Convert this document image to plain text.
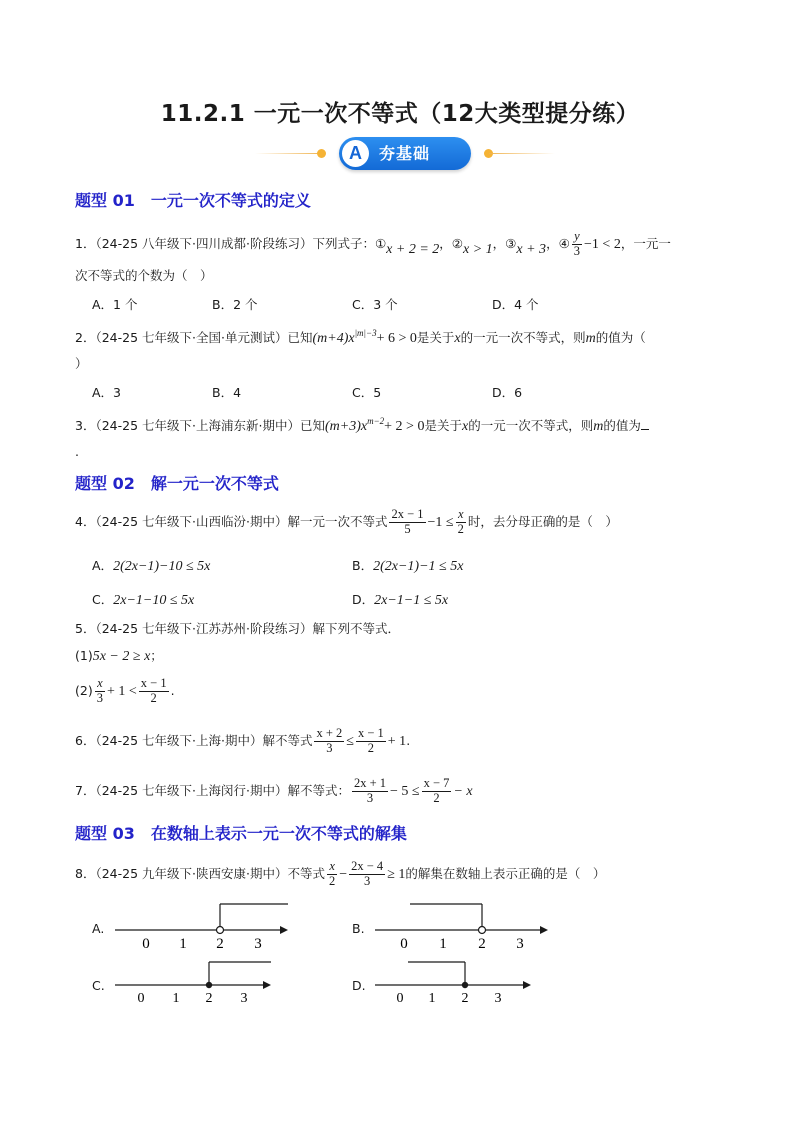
11.2.1 一元一次不等式（12大类型提分练）
A	夯基础
题型 01 一元一次不等式的定义
1．（24-25 八年级下·四川成都·阶段练习）下列式子：①x + 2 = 2，②x > 1，③x + 3，④ $\frac{y}{3} -1 < 2$，一元一
次不等式的个数为（　）
A．1 个	B．2 个	C．3 个	D．4 个
2．（24-25 七年级下·全国·单元测试）已知$(m+4)x^{|m|-3}+ 6 > 0$是关于x的一元一次不等式，则m的值为（
）
A．3	B．4	C．5	D．6
3．（24-25 七年级下·上海浦东新·期中）已知$(m+3)x^{m-2}+ 2 > 0$是关于x的一元一次不等式，则m的值为
.
题型 02 解一元一次不等式
4．（24-25 七年级下·山西临汾·期中）解一元一次不等式 $\frac{2x - 1}{5} -1 \le \frac{x}{2}$ 时，去分母正确的是（　）
A．2(2x−1)−10 ≤ 5x	B．2(2x−1)−1 ≤ 5x
C．2x−1−10 ≤ 5x	D．2x−1−1 ≤ 5x
5．（24-25 七年级下·江苏苏州·阶段练习）解下列不等式．
(1)5x − 2 ≥ x；
$(2) \frac{x}{3} + 1 < \frac{x - 1}{2}$ .
6．（24-25 七年级下·上海·期中）解不等式 $\frac{x + 2}{3} \le \frac{x - 1}{2} + 1$.
7．（24-25 七年级下·上海闵行·期中）解不等式： $\frac{2x + 1}{3} - 5 \le \frac{x - 7}{2} - x$
题型 03 在数轴上表示一元一次不等式的解集
8．（24-25 九年级下·陕西安康·期中）不等式 $\frac{x}{2} - \frac{2x - 4}{3} \ge 1$的解集在数轴上表示正确的是（　）
A.	B.
C.	D.
0 1 2 3	0 1 2 3
0 1 2 3	0 1 2 3
